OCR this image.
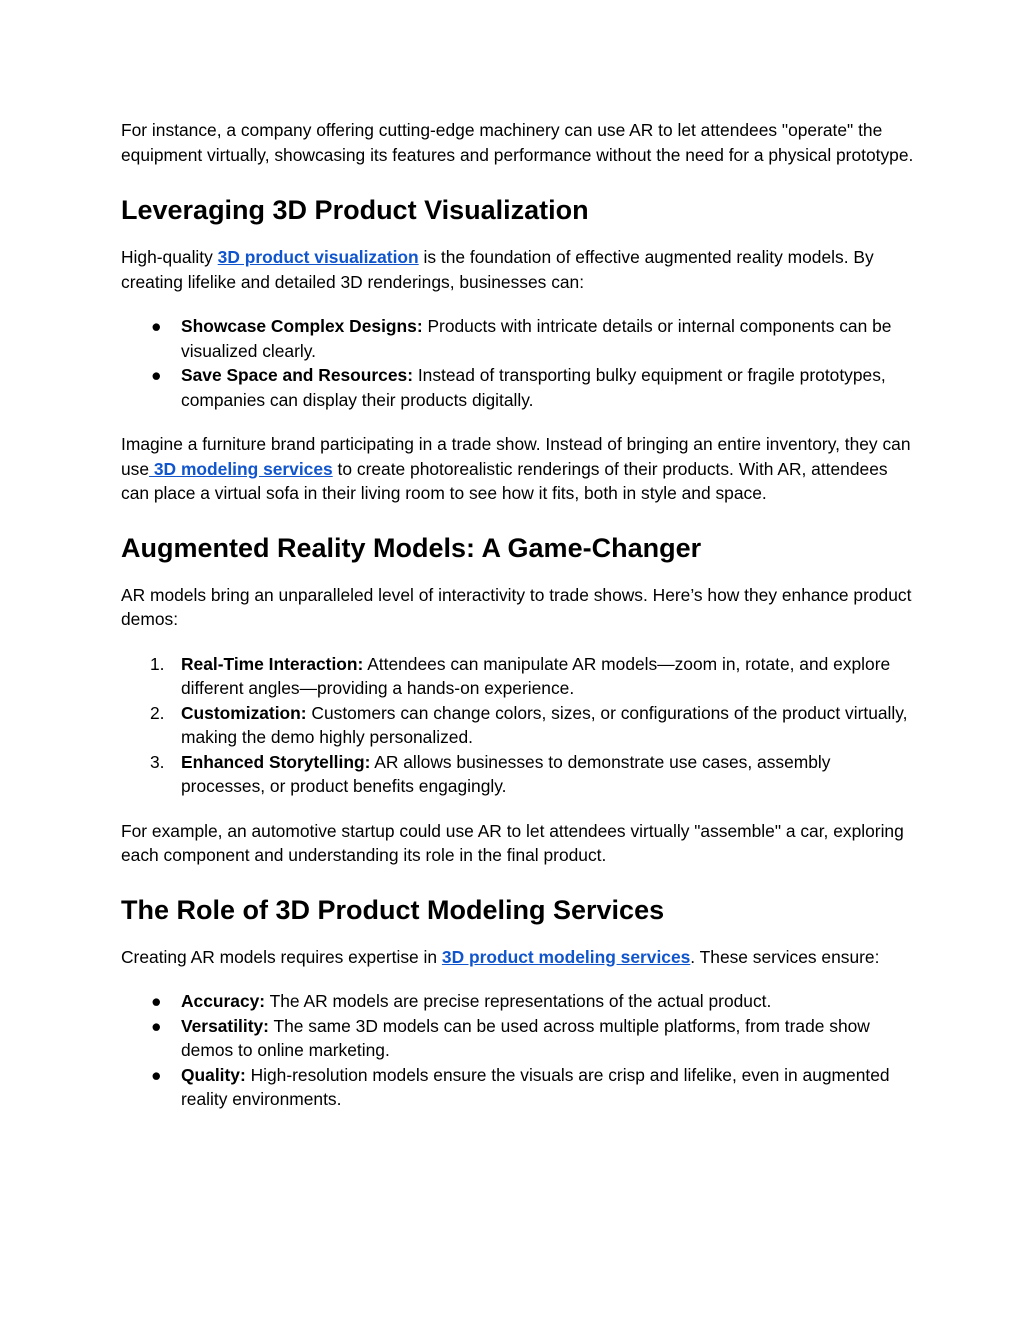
For instance, a company offering cutting-edge machinery can use AR to let attendees "operate" the equipment virtually, showcasing its features and performance without the need for a physical prototype.

Leveraging 3D Product Visualization

High-quality 3D product visualization is the foundation of effective augmented reality models. By creating lifelike and detailed 3D renderings, businesses can:

● Showcase Complex Designs: Products with intricate details or internal components can be visualized clearly.
● Save Space and Resources: Instead of transporting bulky equipment or fragile prototypes, companies can display their products digitally.

Imagine a furniture brand participating in a trade show. Instead of bringing an entire inventory, they can use 3D modeling services to create photorealistic renderings of their products. With AR, attendees can place a virtual sofa in their living room to see how it fits, both in style and space.

Augmented Reality Models: A Game-Changer

AR models bring an unparalleled level of interactivity to trade shows. Here’s how they enhance product demos:

1. Real-Time Interaction: Attendees can manipulate AR models—zoom in, rotate, and explore different angles—providing a hands-on experience.
2. Customization: Customers can change colors, sizes, or configurations of the product virtually, making the demo highly personalized.
3. Enhanced Storytelling: AR allows businesses to demonstrate use cases, assembly processes, or product benefits engagingly.

For example, an automotive startup could use AR to let attendees virtually "assemble" a car, exploring each component and understanding its role in the final product.

The Role of 3D Product Modeling Services

Creating AR models requires expertise in 3D product modeling services. These services ensure:

● Accuracy: The AR models are precise representations of the actual product.
● Versatility: The same 3D models can be used across multiple platforms, from trade show demos to online marketing.
● Quality: High-resolution models ensure the visuals are crisp and lifelike, even in augmented reality environments.
